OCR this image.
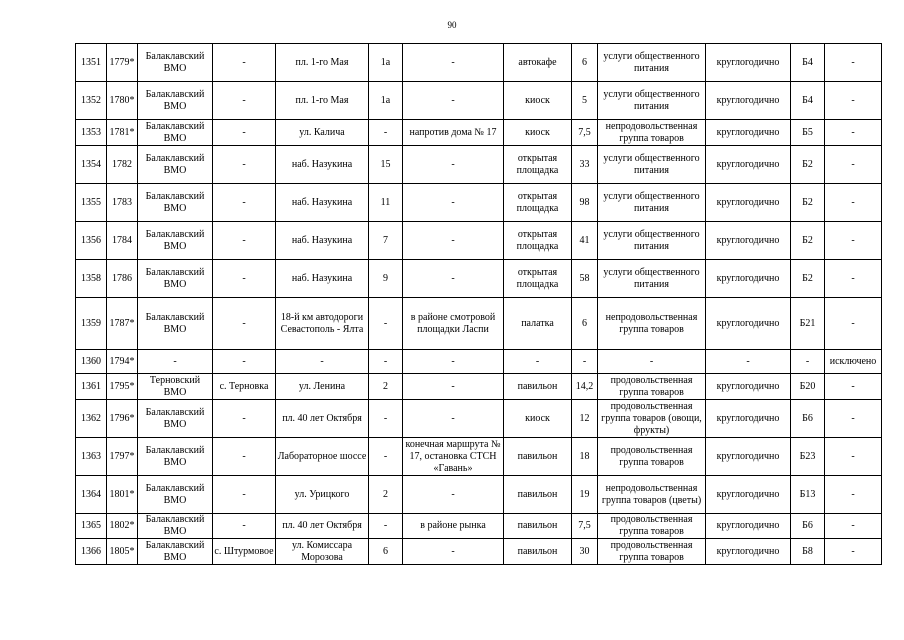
90
1351	1779*	Балаклавский ВМО	-	пл. 1-го Мая	1а	-	автокафе	6	услуги общественного питания	круглогодично	Б4	-
1352	1780*	Балаклавский ВМО	-	пл. 1-го Мая	1а	-	киоск	5	услуги общественного питания	круглогодично	Б4	-
1353	1781*	Балаклавский ВМО	-	ул. Калича	-	напротив дома № 17	киоск	7,5	непродовольственная группа товаров	круглогодично	Б5	-
1354	1782	Балаклавский ВМО	-	наб. Назукина	15	-	открытая площадка	33	услуги общественного питания	круглогодично	Б2	-
1355	1783	Балаклавский ВМО	-	наб. Назукина	11	-	открытая площадка	98	услуги общественного питания	круглогодично	Б2	-
1356	1784	Балаклавский ВМО	-	наб. Назукина	7	-	открытая площадка	41	услуги общественного питания	круглогодично	Б2	-
1358	1786	Балаклавский ВМО	-	наб. Назукина	9	-	открытая площадка	58	услуги общественного питания	круглогодично	Б2	-
1359	1787*	Балаклавский ВМО	-	18-й км автодороги Севастополь - Ялта	-	в районе смотровой площадки Ласпи	палатка	6	непродовольственная группа товаров	круглогодично	Б21	-
1360	1794*	-	-	-	-	-	-	-	-	-	-	исключено
1361	1795*	Терновский ВМО	с. Терновка	ул. Ленина	2	-	павильон	14,2	продовольственная группа товаров	круглогодично	Б20	-
1362	1796*	Балаклавский ВМО	-	пл. 40 лет Октября	-	-	киоск	12	продовольственная группа товаров (овощи, фрукты)	круглогодично	Б6	-
1363	1797*	Балаклавский ВМО	-	Лабораторное шоссе	-	конечная маршрута № 17, остановка СТСН «Гавань»	павильон	18	продовольственная группа товаров	круглогодично	Б23	-
1364	1801*	Балаклавский ВМО	-	ул. Урицкого	2	-	павильон	19	непродовольственная группа товаров (цветы)	круглогодично	Б13	-
1365	1802*	Балаклавский ВМО	-	пл. 40 лет Октября	-	в районе рынка	павильон	7,5	продовольственная группа товаров	круглогодично	Б6	-
1366	1805*	Балаклавский ВМО	с. Штурмовое	ул. Комиссара Морозова	6	-	павильон	30	продовольственная группа товаров	круглогодично	Б8	-
